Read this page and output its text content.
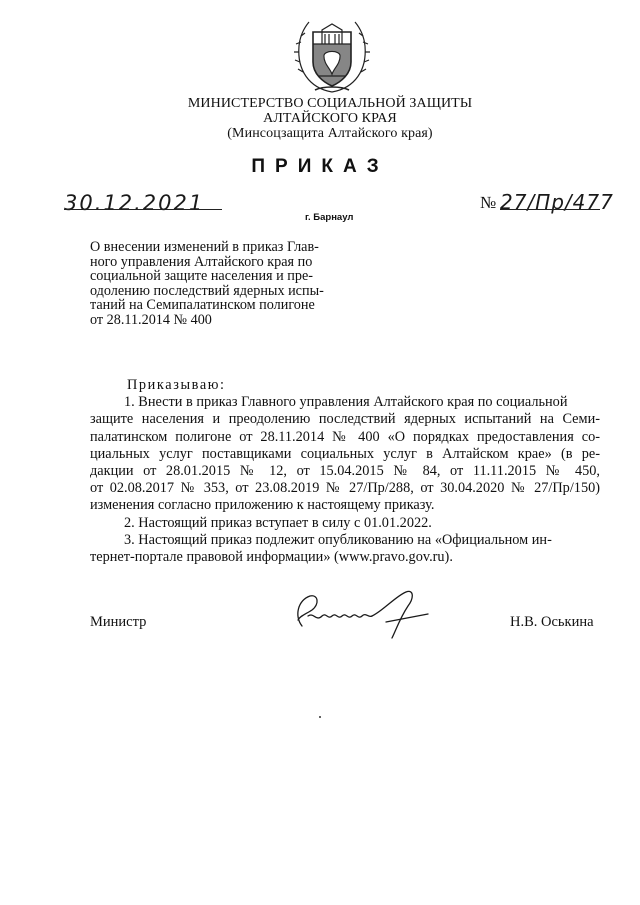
МИНИСТЕРСТВО СОЦИАЛЬНОЙ ЗАЩИТЫ
АЛТАЙСКОГО КРАЯ
(Минсоцзащита Алтайского края)
ПРИКАЗ
30.12.2021	№ 27/Пр/477
г. Барнаул
О внесении изменений в приказ Глав-
ного управления Алтайского края по
социальной защите населения и пре-
одолению последствий ядерных испы-
таний на Семипалатинском полигоне
от 28.11.2014 № 400
Приказываю:
1. Внести в приказ Главного управления Алтайского края по социальной
защите населения и преодолению последствий ядерных испытаний на Семи-
палатинском полигоне от 28.11.2014 № 400 «О порядках предоставления со-
циальных услуг поставщиками социальных услуг в Алтайском крае» (в ре-
дакции от 28.01.2015 № 12, от 15.04.2015 № 84, от 11.11.2015 № 450,
от 02.08.2017 № 353, от 23.08.2019 № 27/Пр/288, от 30.04.2020 № 27/Пр/150)
изменения согласно приложению к настоящему приказу.
2. Настоящий приказ вступает в силу с 01.01.2022.
3. Настоящий приказ подлежит опубликованию на «Официальном ин-
тернет-портале правовой информации» (www.pravo.gov.ru).
Министр	Н.В. Оськина
